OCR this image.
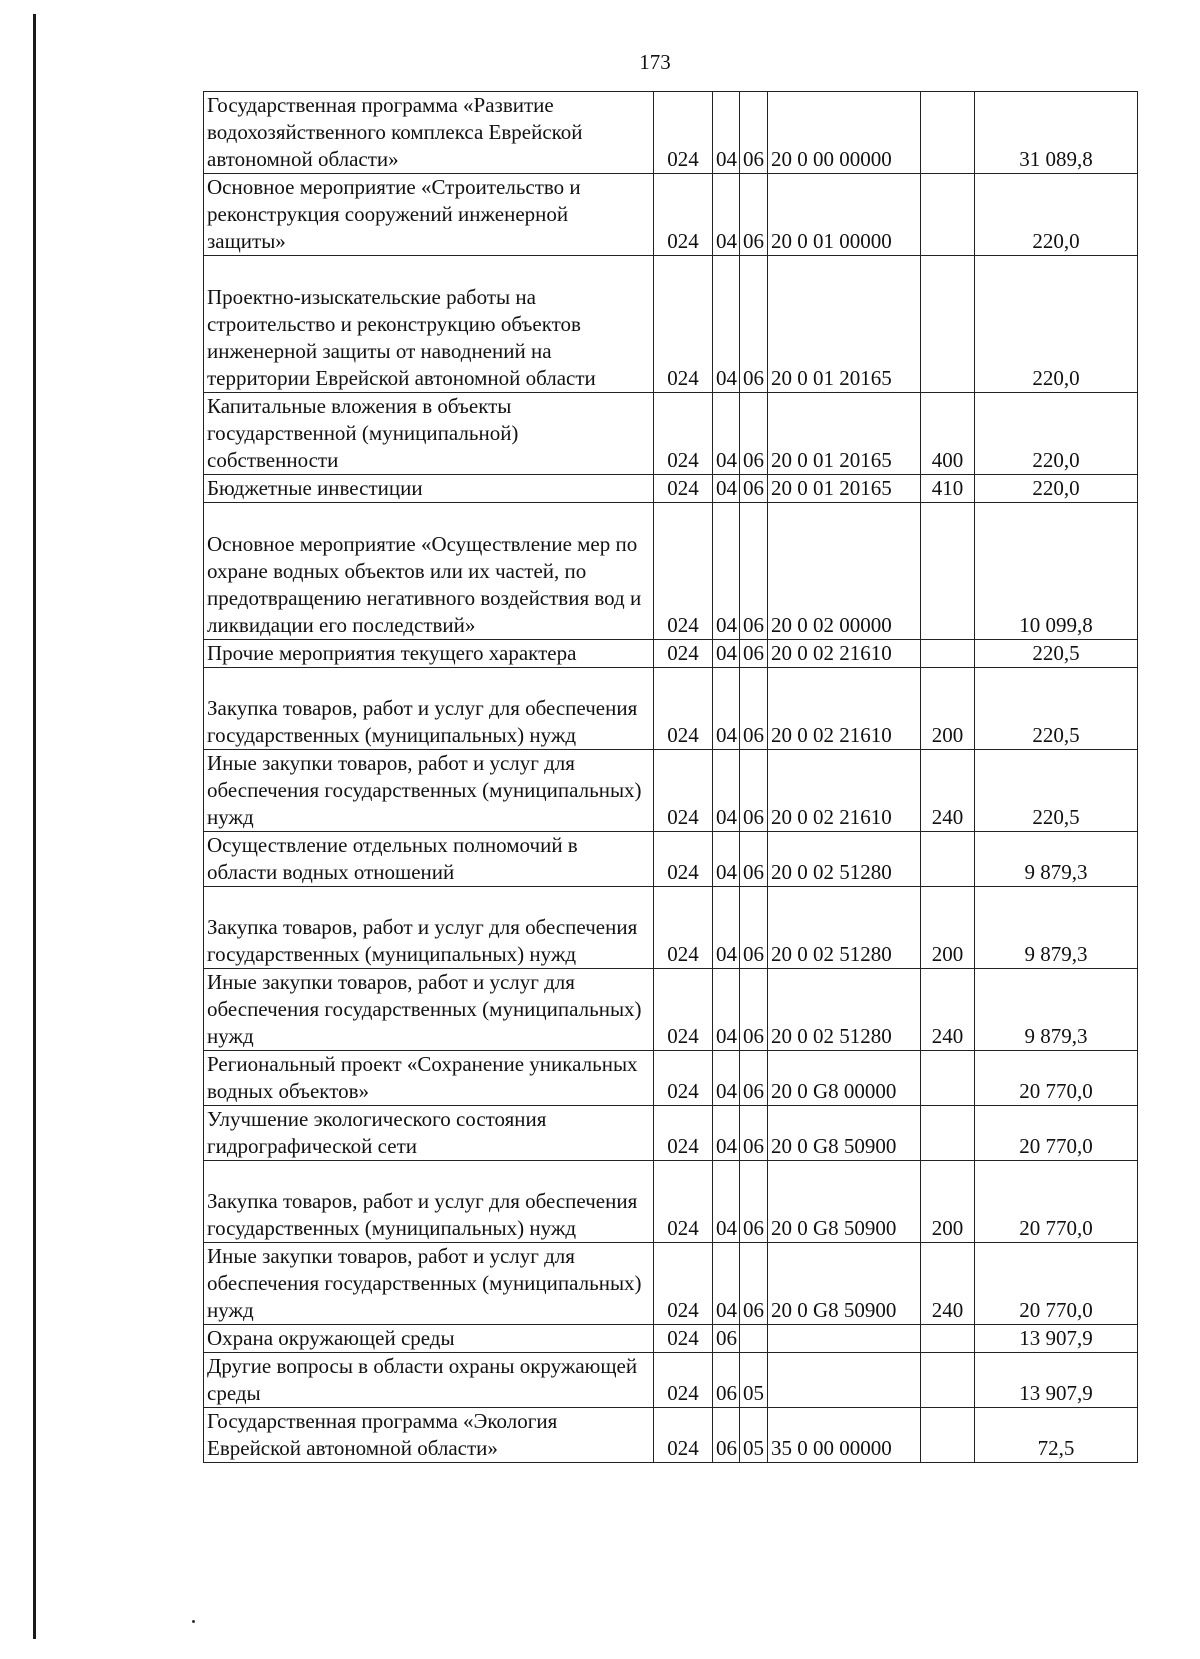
173
Государственная программа «Развитие водохозяйственного комплекса Еврейской автономной области»	024	04	06	20 0 00 00000		31 089,8
Основное мероприятие «Строительство и реконструкция сооружений инженерной защиты»	024	04	06	20 0 01 00000		220,0
Проектно-изыскательские работы на строительство и реконструкцию объектов инженерной защиты от наводнений на территории Еврейской автономной области	024	04	06	20 0 01 20165		220,0
Капитальные вложения в объекты государственной (муниципальной) собственности	024	04	06	20 0 01 20165	400	220,0
Бюджетные инвестиции	024	04	06	20 0 01 20165	410	220,0
Основное мероприятие «Осуществление мер по охране водных объектов или их частей, по предотвращению негативного воздействия вод и ликвидации его последствий»	024	04	06	20 0 02 00000		10 099,8
Прочие мероприятия текущего характера	024	04	06	20 0 02 21610		220,5
Закупка товаров, работ и услуг для обеспечения государственных (муниципальных) нужд	024	04	06	20 0 02 21610	200	220,5
Иные закупки товаров, работ и услуг для обеспечения государственных (муниципальных) нужд	024	04	06	20 0 02 21610	240	220,5
Осуществление отдельных полномочий в области водных отношений	024	04	06	20 0 02 51280		9 879,3
Закупка товаров, работ и услуг для обеспечения государственных (муниципальных) нужд	024	04	06	20 0 02 51280	200	9 879,3
Иные закупки товаров, работ и услуг для обеспечения государственных (муниципальных) нужд	024	04	06	20 0 02 51280	240	9 879,3
Региональный проект «Сохранение уникальных водных объектов»	024	04	06	20 0 G8 00000		20 770,0
Улучшение экологического состояния гидрографической сети	024	04	06	20 0 G8 50900		20 770,0
Закупка товаров, работ и услуг для обеспечения государственных (муниципальных) нужд	024	04	06	20 0 G8 50900	200	20 770,0
Иные закупки товаров, работ и услуг для обеспечения государственных (муниципальных) нужд	024	04	06	20 0 G8 50900	240	20 770,0
Охрана окружающей среды	024	06				13 907,9
Другие вопросы в области охраны окружающей среды	024	06	05			13 907,9
Государственная программа «Экология Еврейской автономной области»	024	06	05	35 0 00 00000		72,5
